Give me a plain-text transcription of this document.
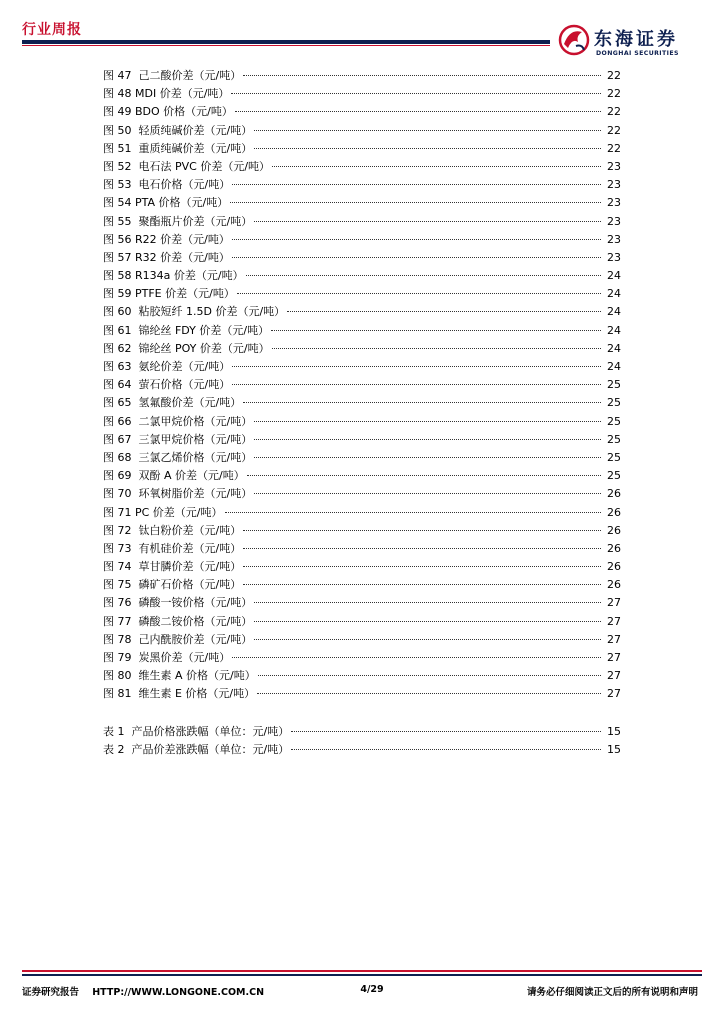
行业周报	东海证券
DONGHAI SECURITIES
图 47  己二酸价差（元/吨）	22
图 48 MDI 价差（元/吨）	22
图 49 BDO 价格（元/吨）	22
图 50  轻质纯碱价差（元/吨）	22
图 51  重质纯碱价差（元/吨）	22
图 52  电石法 PVC 价差（元/吨）	23
图 53  电石价格（元/吨）	23
图 54 PTA 价格（元/吨）	23
图 55  聚酯瓶片价差（元/吨）	23
图 56 R22 价差（元/吨）	23
图 57 R32 价差（元/吨）	23
图 58 R134a 价差（元/吨）	24
图 59 PTFE 价差（元/吨）	24
图 60  粘胶短纤 1.5D 价差（元/吨）	24
图 61  锦纶丝 FDY 价差（元/吨）	24
图 62  锦纶丝 POY 价差（元/吨）	24
图 63  氨纶价差（元/吨）	24
图 64  萤石价格（元/吨）	25
图 65  氢氟酸价差（元/吨）	25
图 66  二氯甲烷价格（元/吨）	25
图 67  三氯甲烷价格（元/吨）	25
图 68  三氯乙烯价格（元/吨）	25
图 69  双酚 A 价差（元/吨）	25
图 70  环氧树脂价差（元/吨）	26
图 71 PC 价差（元/吨）	26
图 72  钛白粉价差（元/吨）	26
图 73  有机硅价差（元/吨）	26
图 74  草甘膦价差（元/吨）	26
图 75  磷矿石价格（元/吨）	26
图 76  磷酸一铵价格（元/吨）	27
图 77  磷酸二铵价格（元/吨）	27
图 78  己内酰胺价差（元/吨）	27
图 79  炭黑价差（元/吨）	27
图 80  维生素 A 价格（元/吨）	27
图 81  维生素 E 价格（元/吨）	27
表 1  产品价格涨跌幅（单位：元/吨）	15
表 2  产品价差涨跌幅（单位：元/吨）	15
证券研究报告    HTTP://WWW.LONGONE.COM.CN	4/29	请务必仔细阅读正文后的所有说明和声明
